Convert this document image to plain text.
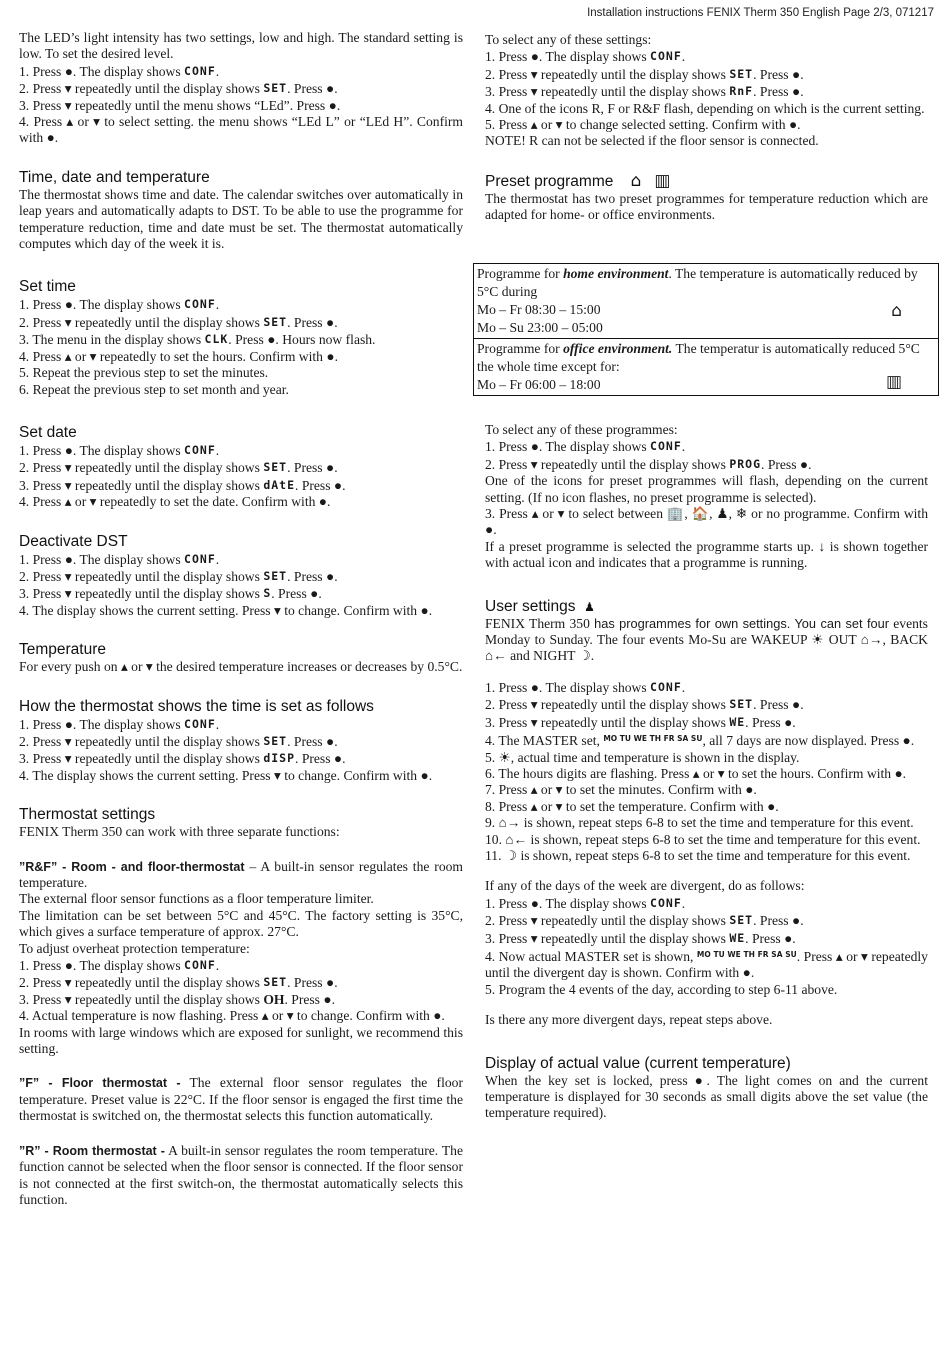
Installation instructions FENIX Therm 350 English Page 2/3, 071217

The LED’s light intensity has two settings, low and high. The standard setting is low. To set the desired level.

1. Press ●. The display shows CONF.

2. Press ▾ repeatedly until the display shows SET. Press ●.

3. Press ▾ repeatedly until the menu shows “LEd”. Press ●.

4. Press ▴ or ▾ to select setting. the menu shows “LEd L” or “LEd H”. Confirm with ●.

Time, date and temperature

The thermostat shows time and date. The calendar switches over automatically in leap years and automatically adapts to DST. To be able to use the programme for temperature reduction, time and date must be set. The thermostat automatically computes which day of the week it is.

Set time

1. Press ●. The display shows CONF.

2. Press ▾ repeatedly until the display shows SET. Press ●.

3. The menu in the display shows CLK. Press ●. Hours now flash.

4. Press ▴ or ▾ repeatedly to set the hours. Confirm with ●.

5. Repeat the previous step to set the minutes.

6. Repeat the previous step to set month and year.

Set date

1. Press ●. The display shows CONF.

2. Press ▾ repeatedly until the display shows SET. Press ●.

3. Press ▾ repeatedly until the display shows dAtE. Press ●.

4. Press ▴ or ▾ repeatedly to set the date. Confirm with ●.

Deactivate DST

1. Press ●. The display shows CONF.

2. Press ▾ repeatedly until the display shows SET. Press ●.

3. Press ▾ repeatedly until the display shows S. Press ●.

4. The display shows the current setting. Press ▾ to change. Confirm with ●.

Temperature

For every push on ▴ or ▾ the desired temperature increases or decreases by 0.5°C.

How the thermostat shows the time is set as follows

1. Press ●. The display shows CONF.

2. Press ▾ repeatedly until the display shows SET. Press ●.

3. Press ▾ repeatedly until the display shows dISP. Press ●.

4. The display shows the current setting. Press ▾ to change. Confirm with ●.

Thermostat settings

FENIX Therm 350 can work with three separate functions:

”R&F” - Room - and floor-thermostat – A built-in sensor regulates the room temperature.

The external floor sensor functions as a floor temperature limiter.

The limitation can be set between 5°C and 45°C. The factory setting is 35°C, which gives a surface temperature of approx. 27°C.

To adjust overheat protection temperature:

1. Press ●. The display shows CONF.

2. Press ▾ repeatedly until the display shows SET. Press ●.

3. Press ▾ repeatedly until the display shows OH. Press ●.

4. Actual temperature is now flashing. Press ▴ or ▾ to change. Confirm with ●.

In rooms with large windows which are exposed for sunlight, we recommend this setting.

”F” - Floor thermostat - The external floor sensor regulates the floor temperature. Preset value is 22°C. If the floor sensor is engaged the first time the thermostat is switched on, the thermostat selects this function automatically.

”R” - Room thermostat - A built-in sensor regulates the room temperature. The function cannot be selected when the floor sensor is connected. If the floor sensor is not connected at the first switch-on, the thermostat automatically selects this function.

To select any of these settings:

1. Press ●. The display shows CONF.

2. Press ▾ repeatedly until the display shows SET. Press ●.

3. Press ▾ repeatedly until the display shows RnF. Press ●.

4. One of the icons R, F or R&F flash, depending on which is the current setting.

5. Press ▴ or ▾ to change selected setting. Confirm with ●.

NOTE! R can not be selected if the floor sensor is connected.

Preset programme ⌂ ▥

The thermostat has two preset programmes for temperature reduction which are adapted for home- or office environments.

Programme for home environment. The temperature is automatically reduced by 5°C during

Mo – Fr 08:30 – 15:00

Mo – Su 23:00 – 05:00

⌂

Programme for office environment. The temperatur is automatically reduced 5°C the whole time except for:

Mo – Fr 06:00 – 18:00	▥

To select any of these programmes:

1. Press ●. The display shows CONF.

2. Press ▾ repeatedly until the display shows PROG. Press ●.

One of the icons for preset programmes will flash, depending on the current setting. (If no icon flashes, no preset programme is selected).

3. Press ▴ or ▾ to select between 🏢, 🏠, ♟, ❄ or no programme. Confirm with ●.

If a preset programme is selected the programme starts up. ↓ is shown together with actual icon and indicates that a programme is running.

User settings ♟

FENIX Therm 350 has programmes for own settings. You can set four events Monday to Sunday. The four events Mo-Su are WAKEUP ☀ OUT ⌂→, BACK ⌂← and NIGHT ☽.

1. Press ●. The display shows CONF.

2. Press ▾ repeatedly until the display shows SET. Press ●.

3. Press ▾ repeatedly until the display shows WE. Press ●.

4. The MASTER set, $^{MO TU WE TH FR SA SU}$, all 7 days are now displayed. Press ●.

5. ☀, actual time and temperature is shown in the display.

6. The hours digits are flashing. Press ▴ or ▾ to set the hours. Confirm with ●.

7. Press ▴ or ▾ to set the minutes. Confirm with ●.

8. Press ▴ or ▾ to set the temperature. Confirm with ●.

9. ⌂→ is shown, repeat steps 6-8 to set the time and temperature for this event.

10. ⌂← is shown, repeat steps 6-8 to set the time and temperature for this event.

11. ☽ is shown, repeat steps 6-8 to set the time and temperature for this event.

If any of the days of the week are divergent, do as follows:

1. Press ●. The display shows CONF.

2. Press ▾ repeatedly until the display shows SET. Press ●.

3. Press ▾ repeatedly until the display shows WE. Press ●.

4. Now actual MASTER set is shown, $^{MO TU WE TH FR SA SU}$. Press ▴ or ▾ repeatedly until the divergent day is shown. Confirm with ●.

5. Program the 4 events of the day, according to step 6-11 above.

Is there any more divergent days, repeat steps above.

Display of actual value (current temperature)

When the key set is locked, press ●. The light comes on and the current temperature is displayed for 30 seconds as small digits above the set value (the temperature required).
